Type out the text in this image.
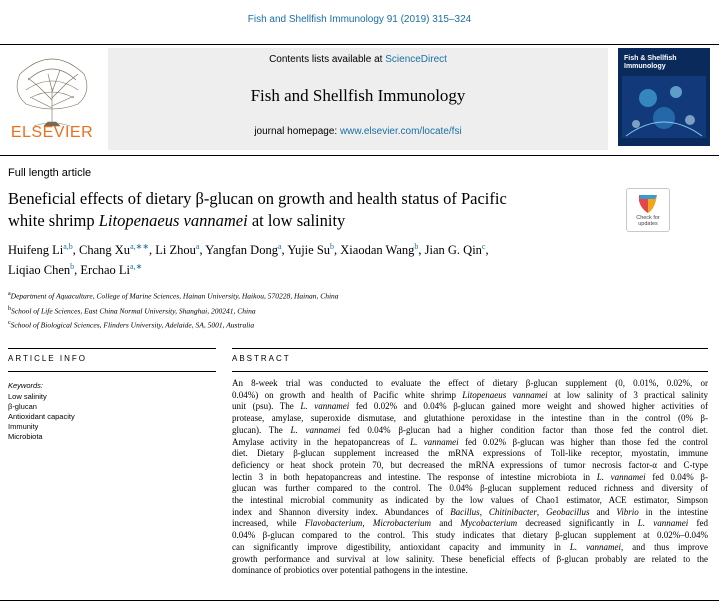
Fish and Shellfish Immunology 91 (2019) 315–324
ELSEVIER
Contents lists available at ScienceDirect
Fish and Shellfish Immunology
journal homepage: www.elsevier.com/locate/fsi
Fish & Shellfish
Immunology
Full length article
Beneficial effects of dietary β-glucan on growth and health status of Pacific
white shrimp Litopenaeus vannamei at low salinity	Check for
updates
Huifeng Li$^{a,b}$, Chang $Xu^{a,∗∗}$, Li Zhou$^a$, Yangfan Dong$^a$, Yujie Su$^b$, Xiaodan Wang$^b$, Jian G. Qin$^c$,
Liqiao Chen$^b$, Erchao $Li^{a,∗}$
$^a$Department of Aquaculture, College of Marine Sciences, Hainan University, Haikou, 570228, Hainan, China
$^b$School of Life Sciences, East China Normal University, Shanghai, 200241, China
$^c$School of Biological Sciences, Flinders University, Adelaide, SA, 5001, Australia
ARTICLE INFO	ABSTRACT
Keywords:
Low salinity
β-glucan
Antioxidant capacity
Immunity
Microbiota
An 8-week trial was conducted to evaluate the effect of dietary β-glucan supplement (0, 0.01%, 0.02%, or
0.04%) on growth and health of Pacific white shrimp Litopenaeus vannamei at low salinity of 3 practical salinity
unit (psu). The L. vannamei fed 0.02% and 0.04% β-glucan gained more weight and showed higher activities of
protease, amylase, superoxide dismutase, and glutathione peroxidase in the intestine than in the control (0% β-
glucan). The L. vannamei fed 0.04% β-glucan had a higher condition factor than those fed the control diet.
Amylase activity in the hepatopancreas of L. vannamei fed 0.02% β-glucan was higher than those fed the control
diet. Dietary β-glucan supplement increased the mRNA expressions of Toll-like receptor, myostatin, immune
deficiency or heat shock protein 70, but decreased the mRNA expressions of tumor necrosis factor-α and C-type
lectin 3 in both hepatopancreas and intestine. The response of intestine microbiota in L. vannamei fed 0.04% β-
glucan was further compared to the control. The 0.04% β-glucan supplement reduced richness and diversity of
the intestinal microbial community as indicated by the low values of Chao1 estimator, ACE estimator, Simpson
index and Shannon diversity index. Abundances of Bacillus, Chitinibacter, Geobacillus and Vibrio in the intestine
increased, while Flavobacterium, Microbacterium and Mycobacterium decreased significantly in L. vannamei fed
0.04% β-glucan compared to the control. This study indicates that dietary β-glucan supplement at 0.02%–0.04%
can significantly improve digestibility, antioxidant capacity and immunity in L. vannamei, and thus improve
growth performance and survival at low salinity. These beneficial effects of β-glucan probably are related to the
dominance of probiotics over potential pathogens in the intestine.
